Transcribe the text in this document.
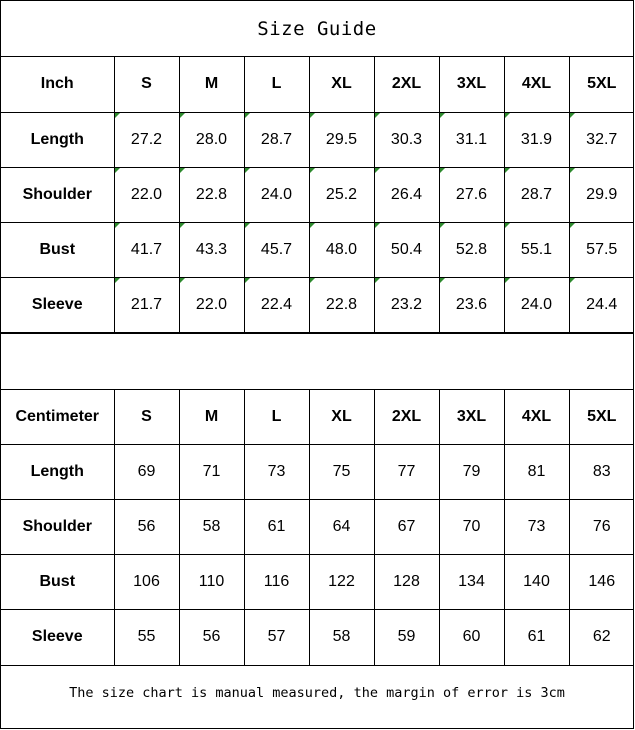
Size Guide
Inch	S	M	L	XL	2XL	3XL	4XL	5XL
Length	27.2	28.0	28.7	29.5	30.3	31.1	31.9	32.7
Shoulder	22.0	22.8	24.0	25.2	26.4	27.6	28.7	29.9
Bust	41.7	43.3	45.7	48.0	50.4	52.8	55.1	57.5
Sleeve	21.7	22.0	22.4	22.8	23.2	23.6	24.0	24.4
Centimeter	S	M	L	XL	2XL	3XL	4XL	5XL
Length	69	71	73	75	77	79	81	83
Shoulder	56	58	61	64	67	70	73	76
Bust	106	110	116	122	128	134	140	146
Sleeve	55	56	57	58	59	60	61	62
The size chart is manual measured, the margin of error is 3cm
